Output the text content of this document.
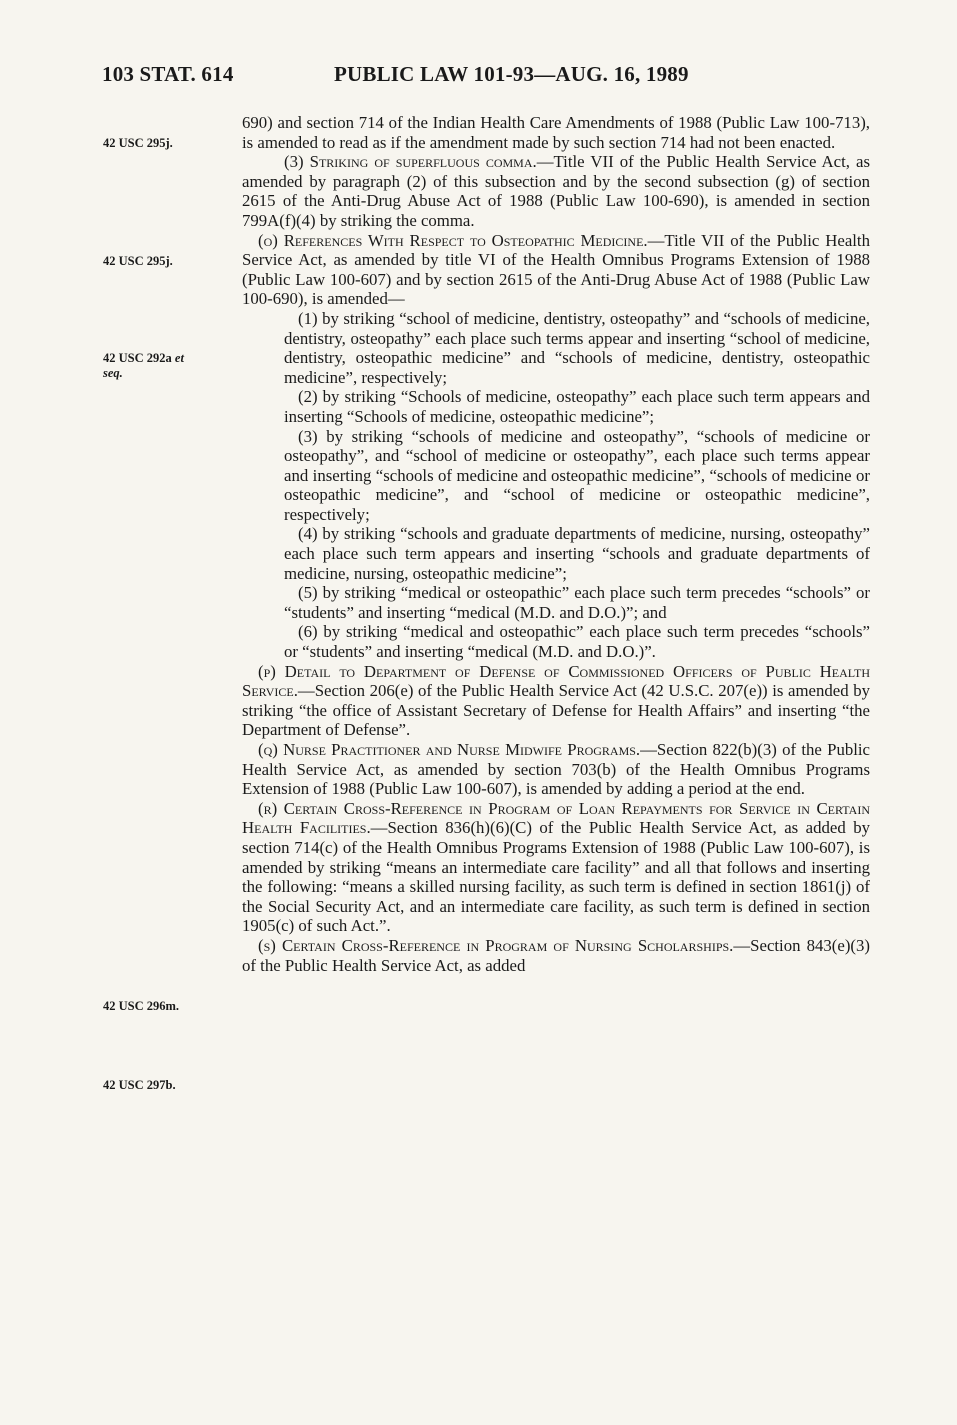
103 STAT. 614	PUBLIC LAW 101-93—AUG. 16, 1989
42 USC 295j.
42 USC 295j.
42 USC 292a et
seq.
42 USC 296m.
42 USC 297b.

690) and section 714 of the Indian Health Care Amendments of 1988 (Public Law 100-713), is amended to read as if the amendment made by such section 714 had not been enacted.

(3) Striking of superfluous comma.—Title VII of the Public Health Service Act, as amended by paragraph (2) of this subsection and by the second subsection (g) of section 2615 of the Anti-Drug Abuse Act of 1988 (Public Law 100-690), is amended in section 799A(f)(4) by striking the comma.

(o) References With Respect to Osteopathic Medicine.—Title VII of the Public Health Service Act, as amended by title VI of the Health Omnibus Programs Extension of 1988 (Public Law 100-607) and by section 2615 of the Anti-Drug Abuse Act of 1988 (Public Law 100-690), is amended—

(1) by striking “school of medicine, dentistry, osteopathy” and “schools of medicine, dentistry, osteopathy” each place such terms appear and inserting “school of medicine, dentistry, osteopathic medicine” and “schools of medicine, dentistry, osteopathic medicine”, respectively;

(2) by striking “Schools of medicine, osteopathy” each place such term appears and inserting “Schools of medicine, osteopathic medicine”;

(3) by striking “schools of medicine and osteopathy”, “schools of medicine or osteopathy”, and “school of medicine or osteopathy”, each place such terms appear and inserting “schools of medicine and osteopathic medicine”, “schools of medicine or osteopathic medicine”, and “school of medicine or osteopathic medicine”, respectively;

(4) by striking “schools and graduate departments of medicine, nursing, osteopathy” each place such term appears and inserting “schools and graduate departments of medicine, nursing, osteopathic medicine”;

(5) by striking “medical or osteopathic” each place such term precedes “schools” or “students” and inserting “medical (M.D. and D.O.)”; and

(6) by striking “medical and osteopathic” each place such term precedes “schools” or “students” and inserting “medical (M.D. and D.O.)”.

(p) Detail to Department of Defense of Commissioned Officers of Public Health Service.—Section 206(e) of the Public Health Service Act (42 U.S.C. 207(e)) is amended by striking “the office of Assistant Secretary of Defense for Health Affairs” and inserting “the Department of Defense”.

(q) Nurse Practitioner and Nurse Midwife Programs.—Section 822(b)(3) of the Public Health Service Act, as amended by section 703(b) of the Health Omnibus Programs Extension of 1988 (Public Law 100-607), is amended by adding a period at the end.

(r) Certain Cross-Reference in Program of Loan Repayments for Service in Certain Health Facilities.—Section 836(h)(6)(C) of the Public Health Service Act, as added by section 714(c) of the Health Omnibus Programs Extension of 1988 (Public Law 100-607), is amended by striking “means an intermediate care facility” and all that follows and inserting the following: “means a skilled nursing facility, as such term is defined in section 1861(j) of the Social Security Act, and an intermediate care facility, as such term is defined in section 1905(c) of such Act.”.

(s) Certain Cross-Reference in Program of Nursing Scholarships.—Section 843(e)(3) of the Public Health Service Act, as added
